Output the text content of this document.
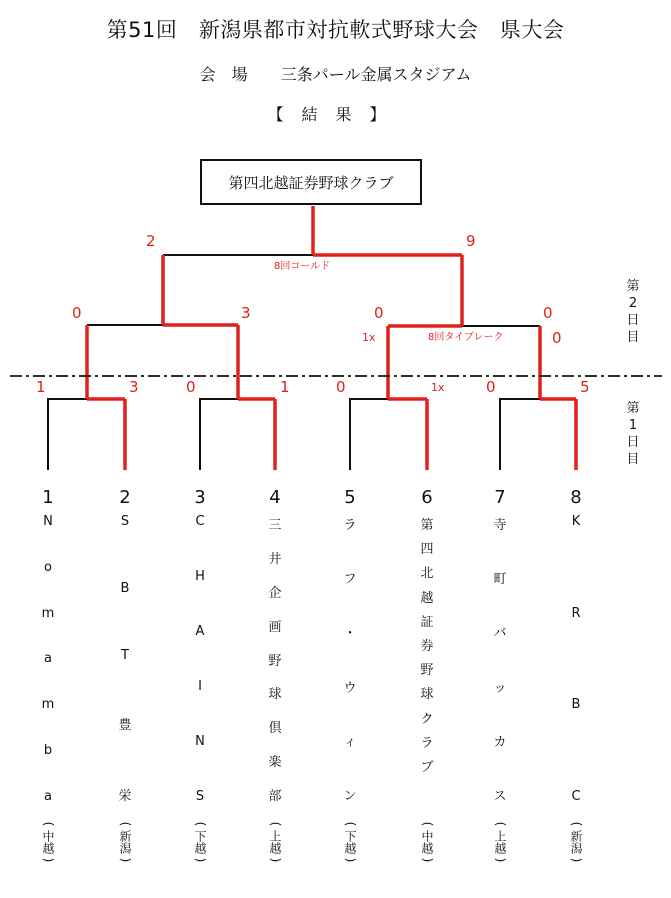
第51回　新潟県都市対抗軟式野球大会　県大会
会　場 三条パール金属スタジアム
【結果】
第四北越証券野球クラブ
2	9
8回コールド
0	3	0
1x
0
0
8回タイブレーク
1	3	0	1	0	1x	0	5
第
2
日
目
第
1
日
目
1
N
o
m
a
m
b
a
(
中越
)
2
S
B
T
豊
栄
(
新潟
)
3
C
H
A
I
N
S
(
下越
)
4
三
井
企
画
野
球
倶
楽
部
(
上越
)
5
ラ
フ
・
ウ
ィ
ン
(
下越
)
6
第
四
北
越
証
券
野
球
ク
ラ
ブ
(
中越
)
7
寺
町
バ
ッ
カ
ス
(
上越
)
8
K
R
B
C
(
新潟
)
